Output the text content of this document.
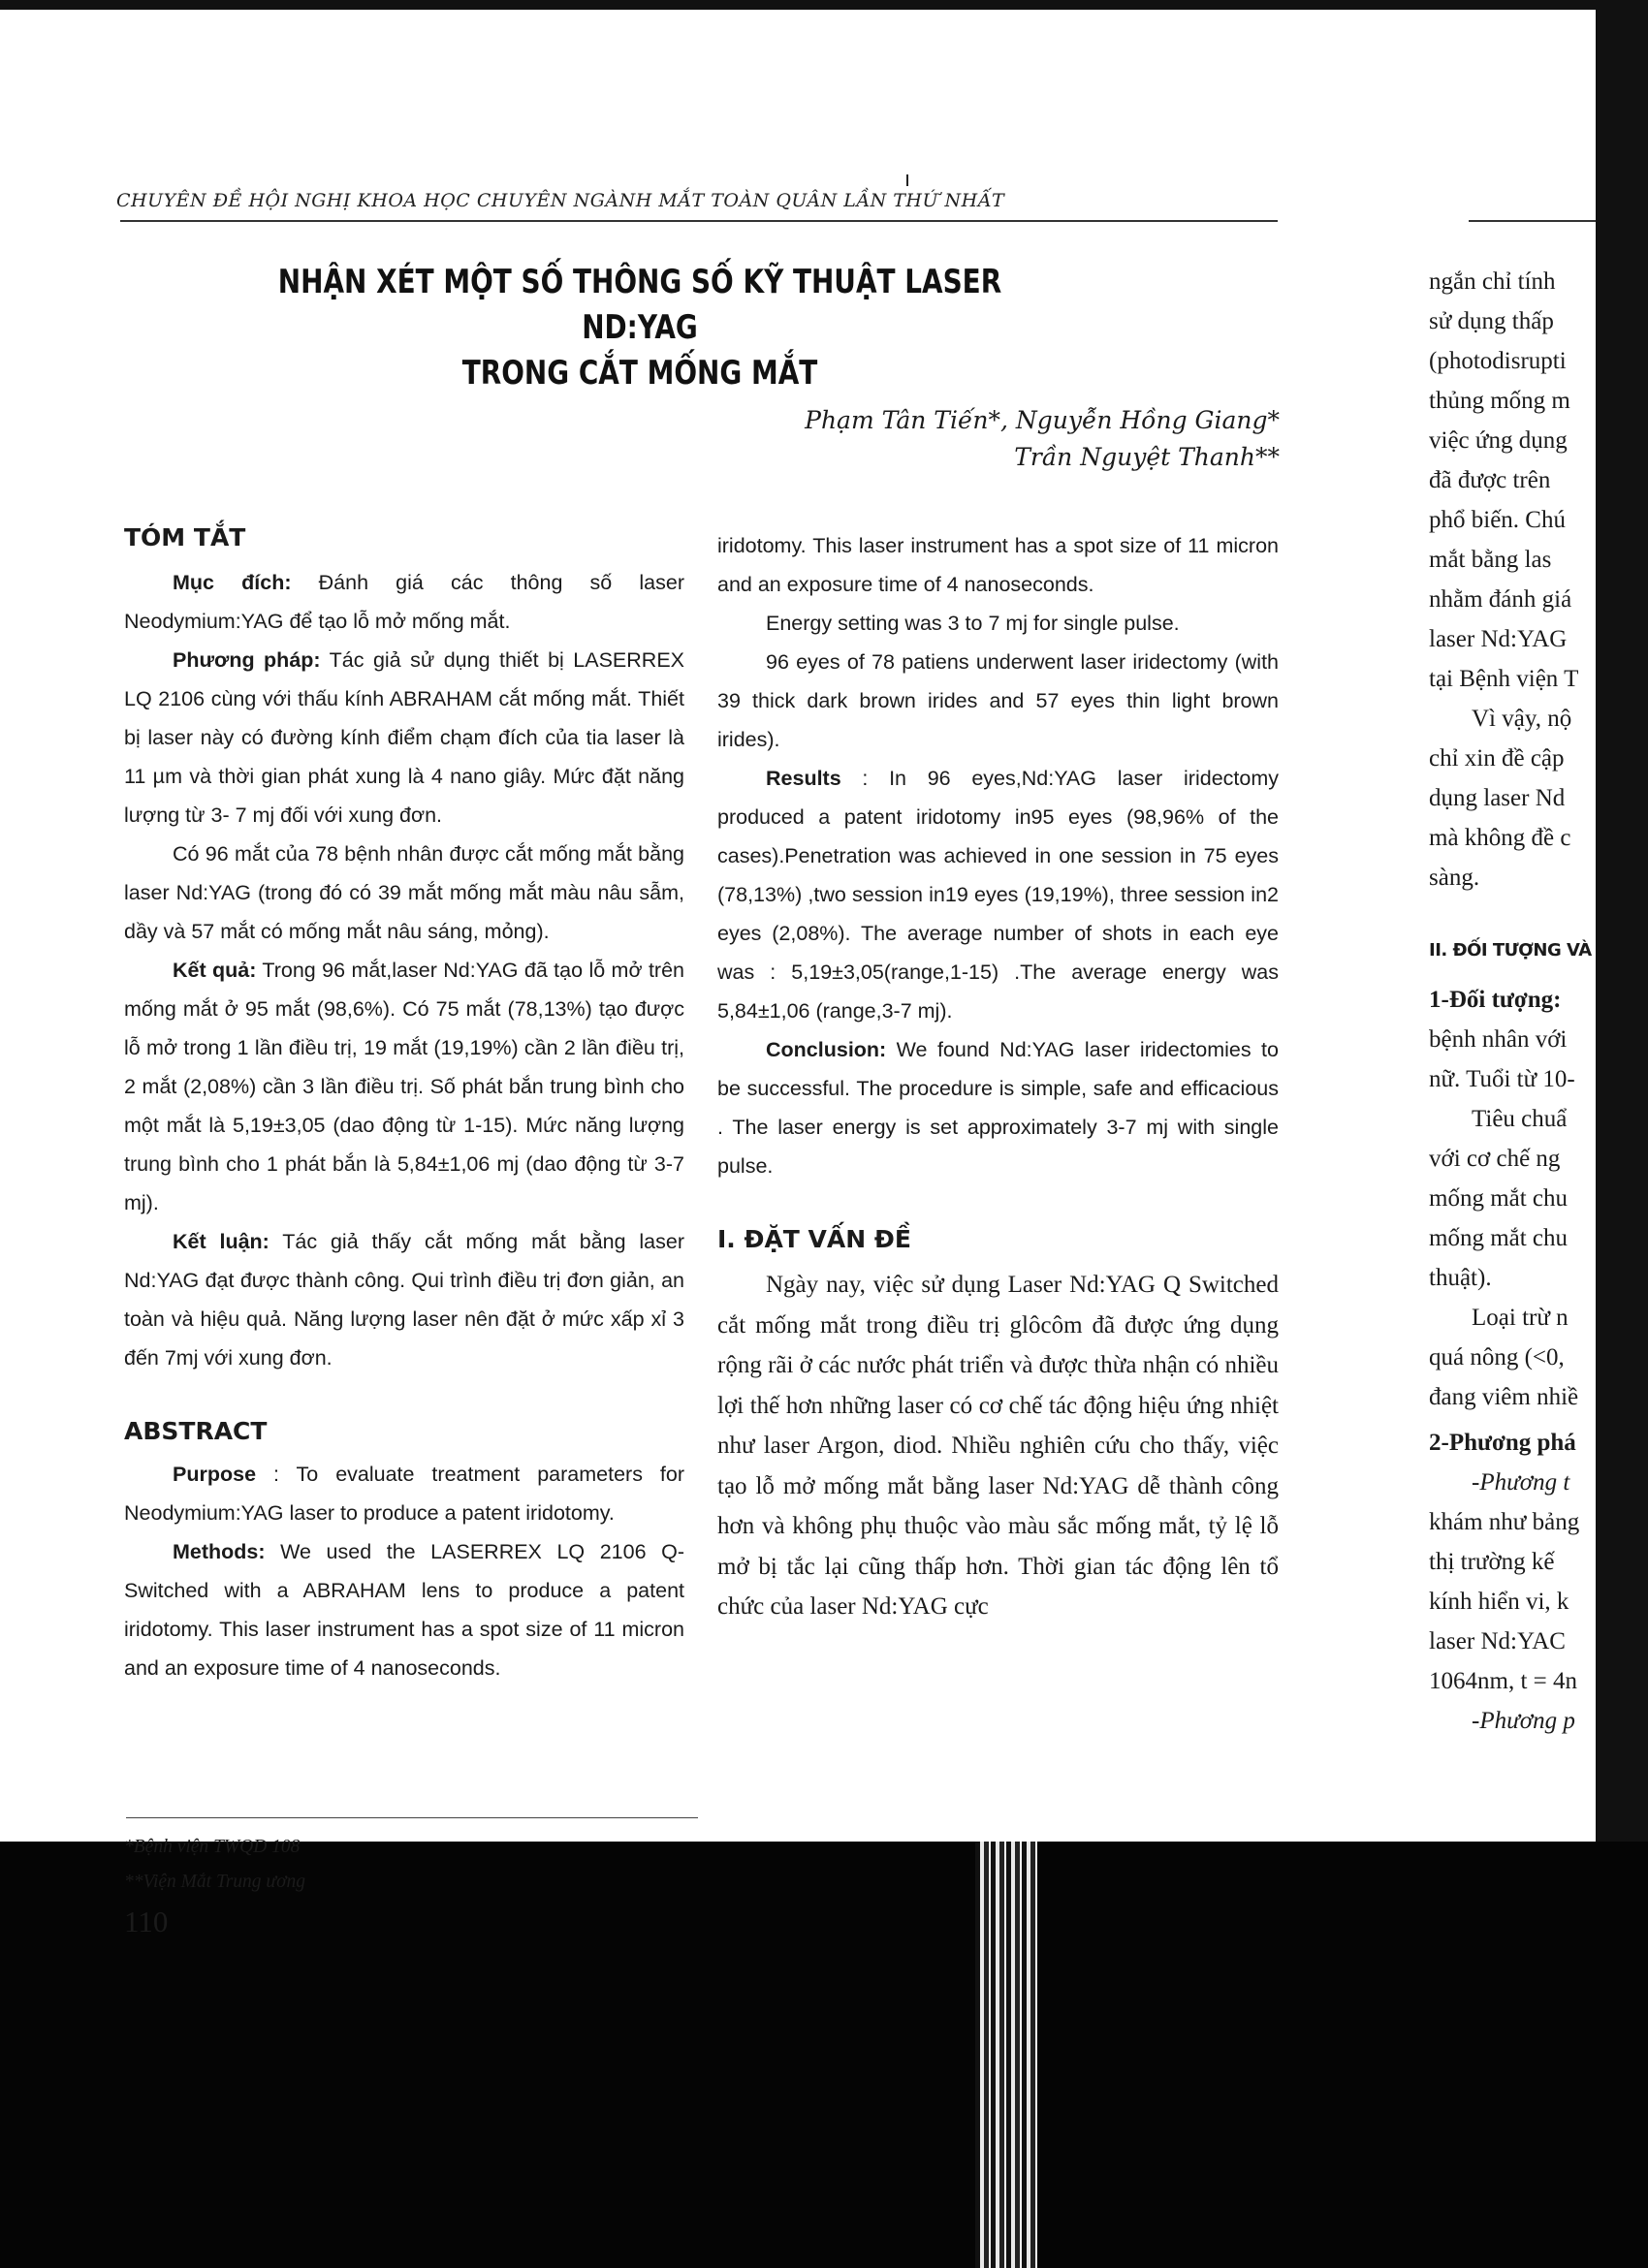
CHUYÊN ĐỀ HỘI NGHỊ KHOA HỌC CHUYÊN NGÀNH MẮT TOÀN QUÂN LẦN THỨ NHẤT
NHẬN XÉT MỘT SỐ THÔNG SỐ KỸ THUẬT LASER ND:YAG
TRONG CẮT MỐNG MẮT
Phạm Tân Tiến*, Nguyễn Hồng Giang*
Trần Nguyệt Thanh**

TÓM TẮT

Mục đích: Đánh giá các thông số laser Neodymium:YAG để tạo lỗ mở mống mắt.

Phương pháp: Tác giả sử dụng thiết bị LASERREX LQ 2106 cùng với thấu kính ABRAHAM cắt mống mắt. Thiết bị laser này có đường kính điểm chạm đích của tia laser là 11 µm và thời gian phát xung là 4 nano giây. Mức đặt năng lượng từ 3- 7 mj đối với xung đơn.

Có 96 mắt của 78 bệnh nhân được cắt mống mắt bằng laser Nd:YAG (trong đó có 39 mắt mống mắt màu nâu sẫm, dầy và 57 mắt có mống mắt nâu sáng, mỏng).

Kết quả: Trong 96 mắt,laser Nd:YAG đã tạo lỗ mở trên mống mắt ở 95 mắt (98,6%). Có 75 mắt (78,13%) tạo được lỗ mở trong 1 lần điều trị, 19 mắt (19,19%) cần 2 lần điều trị, 2 mắt (2,08%) cần 3 lần điều trị. Số phát bắn trung bình cho một mắt là 5,19±3,05 (dao động từ 1-15). Mức năng lượng trung bình cho 1 phát bắn là 5,84±1,06 mj (dao động từ 3-7 mj).

Kết luận: Tác giả thấy cắt mống mắt bằng laser Nd:YAG đạt được thành công. Qui trình điều trị đơn giản, an toàn và hiệu quả. Năng lượng laser nên đặt ở mức xấp xỉ 3 đến 7mj với xung đơn.

ABSTRACT

Purpose : To evaluate treatment parameters for Neodymium:YAG laser to produce a patent iridotomy.

Methods: We used the LASERREX LQ 2106 Q-Switched with a ABRAHAM lens to produce a patent iridotomy. This laser instrument has a spot size of 11 micron and an exposure time of 4 nanoseconds.

*Bệnh viện TWQD 108
**Viện Mắt Trung ương
110

iridotomy. This laser instrument has a spot size of 11 micron and an exposure time of 4 nanoseconds.

Energy setting was 3 to 7 mj for single pulse.

96 eyes of 78 patiens underwent laser iridectomy (with 39 thick dark brown irides and 57 eyes thin light brown irides).

Results : In 96 eyes,Nd:YAG laser iridectomy produced a patent iridotomy in95 eyes (98,96% of the cases).Penetration was achieved in one session in 75 eyes (78,13%) ,two session in19 eyes (19,19%), three session in2 eyes (2,08%). The average number of shots in each eye was : 5,19±3,05(range,1-15) .The average energy was 5,84±1,06 (range,3-7 mj).

Conclusion: We found Nd:YAG laser iridectomies to be successful. The procedure is simple, safe and efficacious . The laser energy is set approximately 3-7 mj with single pulse.

I. ĐẶT VẤN ĐỀ

Ngày nay, việc sử dụng Laser Nd:YAG Q Switched cắt mống mắt trong điều trị glôcôm đã được ứng dụng rộng rãi ở các nước phát triển và được thừa nhận có nhiều lợi thế hơn những laser có cơ chế tác động hiệu ứng nhiệt như laser Argon, diod. Nhiều nghiên cứu cho thấy, việc tạo lỗ mở mống mắt bằng laser Nd:YAG dễ thành công hơn và không phụ thuộc vào màu sắc mống mắt, tỷ lệ lỗ mở bị tắc lại cũng thấp hơn. Thời gian tác động lên tổ chức của laser Nd:YAG cực

ngắn chỉ tính
sử dụng thấp
(photodisrupti
thủng mống m
việc ứng dụng
đã được trên
phổ biến. Chú
mắt bằng las
nhằm đánh giá
laser Nd:YAG
tại Bệnh viện T
Vì vậy, nộ
chỉ xin đề cập
dụng laser Nd
mà không đề c
sàng.
II. ĐỐI TƯỢNG VÀ
1-Đối tượng:
bệnh nhân với
nữ. Tuổi từ 10-
Tiêu chuẩ
với cơ chế ng
mống mắt chu
mống mắt chu
thuật).
Loại trừ n
quá nông (<0,
đang viêm nhiề
2-Phương phá
-Phương t
khám như bảng
thị trường kế
kính hiển vi, k
laser Nd:YAC
1064nm, t = 4n
-Phương p
